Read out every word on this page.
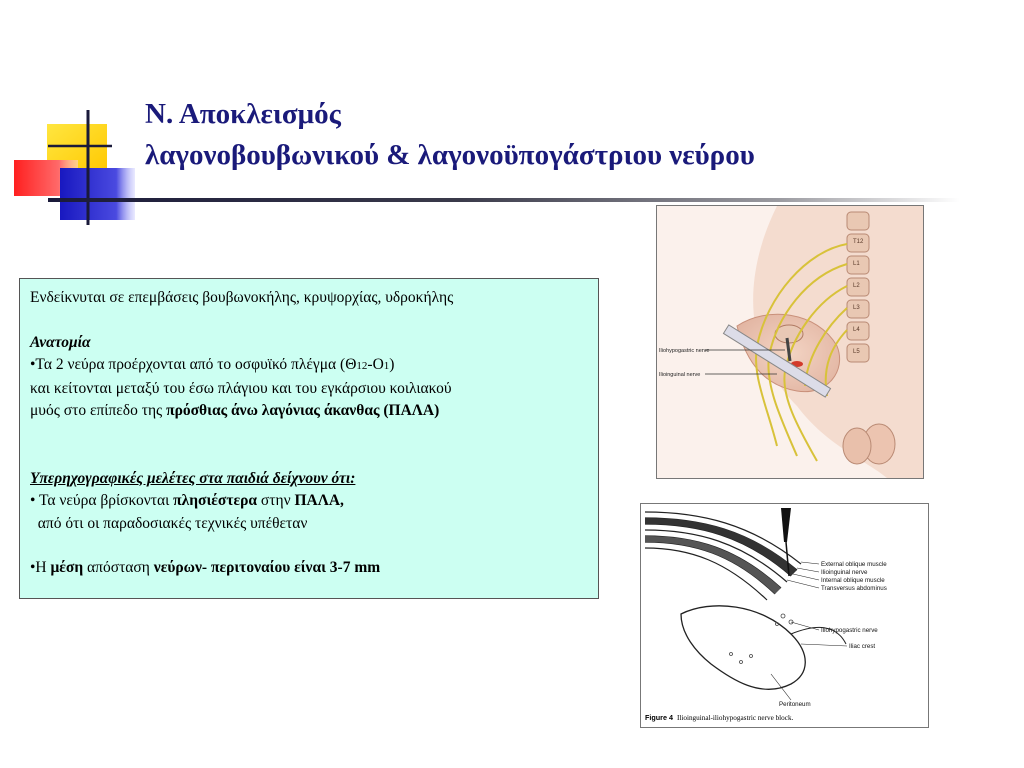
Ν. Αποκλεισμός
λαγονοβουβωνικού & λαγονοϋπογάστριου νεύρου

Ενδείκνυται σε επεμβάσεις βουβωνοκήλης, κρυψορχίας, υδροκήλης

Ανατομία

•Τα 2 νεύρα προέρχονται από το οσφυϊκό πλέγμα (Θ12-Ο1)

και κείτονται μεταξύ του έσω πλάγιου και του εγκάρσιου κοιλιακού

μυός στο επίπεδο της πρόσθιας άνω λαγόνιας άκανθας (ΠΑΛΑ)

Υπερηχογραφικές μελέτες στα παιδιά δείχνουν ότι:

• Τα νεύρα βρίσκονται πλησιέστερα στην ΠΑΛΑ,

από ότι οι παραδοσιακές τεχνικές υπέθεταν

•Η μέση απόσταση νεύρων- περιτοναίου είναι 3-7 mm

T12
L1
L2
L3
L4
L5
Iliohypogastric nerve
Ilioinguinal nerve
External oblique muscle
Ilioinguinal nerve
Internal oblique muscle
Transversus abdominus
Iliohypogastric nerve
Iliac crest
Peritoneum
Figure 4 Ilioinguinal-iliohypogastric nerve block.
